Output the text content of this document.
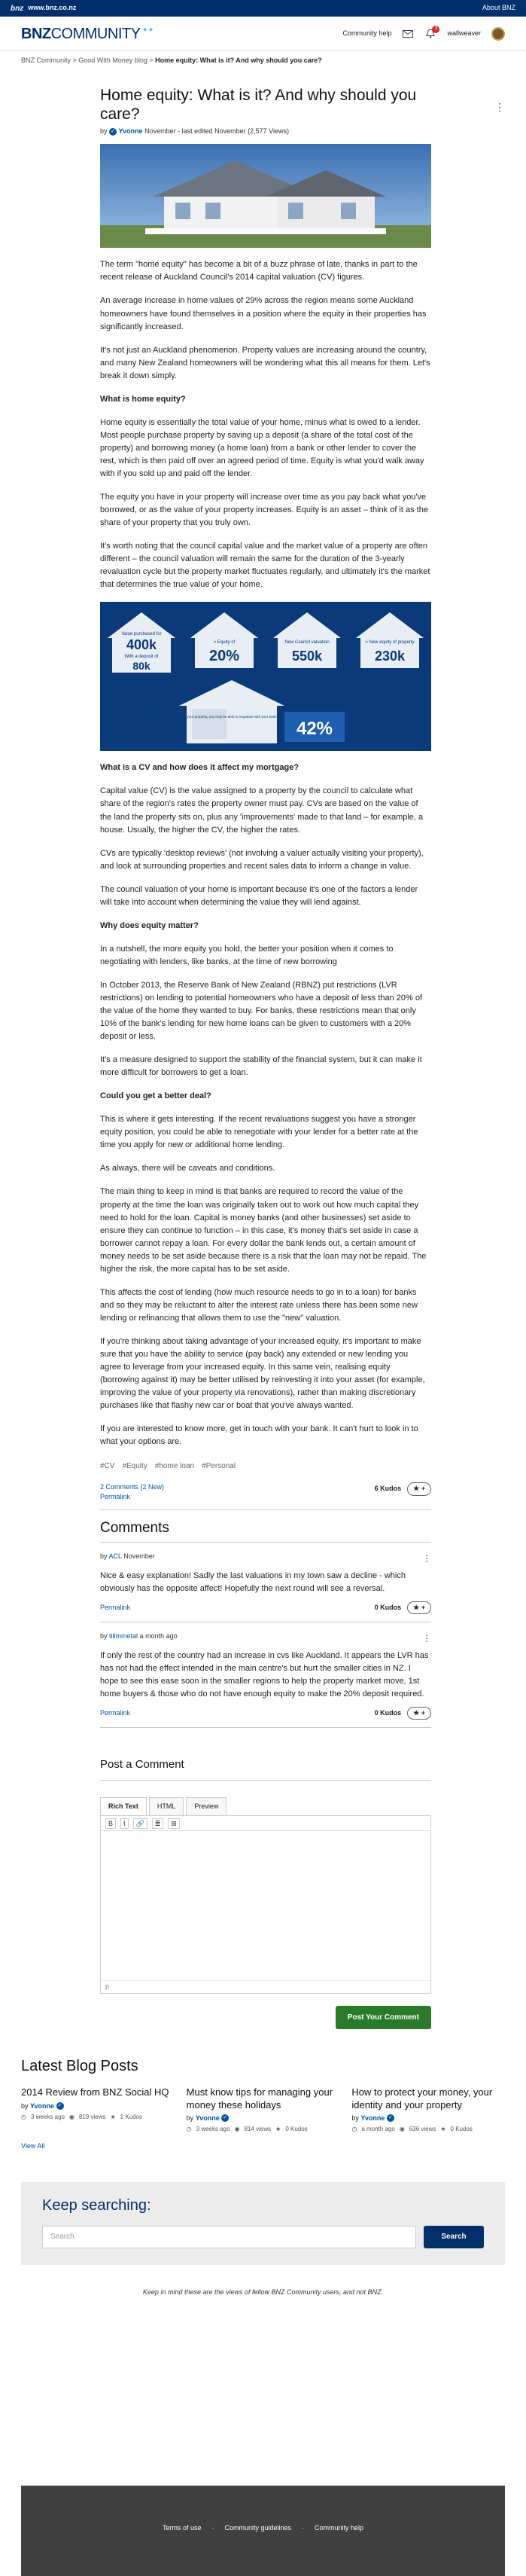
bnz www.bnz.co.nz	About BNZ
BNZ COMMUNITY ✦✦	Community help
3
wallweaver
BNZ Community > Good With Money blog > Home equity: What is it? And why should you care?
⋮
Home equity: What is it? And why should you care?
by ✓ Yvonne November - last edited November (2,577 Views)

The term "home equity" has become a bit of a buzz phrase of late, thanks in part to the recent release of Auckland Council's 2014 capital valuation (CV) figures.

An average increase in home values of 29% across the region means some Auckland homeowners have found themselves in a position where the equity in their properties has significantly increased.

It's not just an Auckland phenomenon. Property values are increasing around the country, and many New Zealand homeowners will be wondering what this all means for them. Let's break it down simply.

What is home equity?

Home equity is essentially the total value of your home, minus what is owed to a lender. Most people purchase property by saving up a deposit (a share of the total cost of the property) and borrowing money (a home loan) from a bank or other lender to cover the rest, which is then paid off over an agreed period of time. Equity is what you'd walk away with if you sold up and paid off the lender.

The equity you have in your property will increase over time as you pay back what you've borrowed, or as the value of your property increases. Equity is an asset – think of it as the share of your property that you truly own.

It's worth noting that the council capital value and the market value of a property are often different – the council valuation will remain the same for the duration of the 3-yearly revaluation cycle but the property market fluctuates regularly, and ultimately it's the market that determines the true value of your home.

Value purchased for
400k
With a deposit of
80k
= Equity of
20%
New Council valuation
550k
= New equity of property
230k
Thanks to increased value of your property, you may be able to negotiate with your bank
42%

What is a CV and how does it affect my mortgage?

Capital value (CV) is the value assigned to a property by the council to calculate what share of the region's rates the property owner must pay. CVs are based on the value of the land the property sits on, plus any 'improvements' made to that land – for example, a house. Usually, the higher the CV, the higher the rates.

CVs are typically 'desktop reviews' (not involving a valuer actually visiting your property), and look at surrounding properties and recent sales data to inform a change in value.

The council valuation of your home is important because it's one of the factors a lender will take into account when determining the value they will lend against.

Why does equity matter?

In a nutshell, the more equity you hold, the better your position when it comes to negotiating with lenders, like banks, at the time of new borrowing

In October 2013, the Reserve Bank of New Zealand (RBNZ) put restrictions (LVR restrictions) on lending to potential homeowners who have a deposit of less than 20% of the value of the home they wanted to buy. For banks, these restrictions mean that only 10% of the bank's lending for new home loans can be given to customers with a 20% deposit or less.

It's a measure designed to support the stability of the financial system, but it can make it more difficult for borrowers to get a loan.

Could you get a better deal?

This is where it gets interesting. If the recent revaluations suggest you have a stronger equity position, you could be able to renegotiate with your lender for a better rate at the time you apply for new or additional home lending.

As always, there will be caveats and conditions.

The main thing to keep in mind is that banks are required to record the value of the property at the time the loan was originally taken out to work out how much capital they need to hold for the loan. Capital is money banks (and other businesses) set aside to ensure they can continue to function – in this case, it's money that's set aside in case a borrower cannot repay a loan. For every dollar the bank lends out, a certain amount of money needs to be set aside because there is a risk that the loan may not be repaid. The higher the risk, the more capital has to be set aside.

This affects the cost of lending (how much resource needs to go in to a loan) for banks and so they may be reluctant to alter the interest rate unless there has been some new lending or refinancing that allows them to use the "new" valuation.

If you're thinking about taking advantage of your increased equity, it's important to make sure that you have the ability to service (pay back) any extended or new lending you agree to leverage from your increased equity. In this same vein, realising equity (borrowing against it) may be better utilised by reinvesting it into your asset (for example, improving the value of your property via renovations), rather than making discretionary purchases like that flashy new car or boat that you've always wanted.

If you are interested to know more, get in touch with your bank. It can't hurt to look in to what your options are.

#CV #Equity #home loan #Personal
2 Comments (2 New)
Permalink
6 Kudos	★ +
Comments
by ACL November	⋮
Nice & easy explanation! Sadly the last valuations in my town saw a decline - which obviously has the opposite affect! Hopefully the next round will see a reversal.
Permalink	0 Kudos	★ +
by tillmmetal a month ago	⋮
If only the rest of the country had an increase in cvs like Auckland. It appears the LVR has has not had the effect intended in the main centre's but hurt the smaller cities in NZ. I hope to see this ease soon in the smaller regions to help the property market move, 1st home buyers & those who do not have enough equity to make the 20% deposit required.
Permalink	0 Kudos	★ +
Post a Comment
Rich Text	HTML	Preview
B	I	🔗	≣	⊞
p
Post Your Comment
Latest Blog Posts
2014 Review from BNZ Social HQ
by Yvonne ✓
◷ 3 weeks ago ◉ 819 views ★ 1 Kudos
Must know tips for managing your money these holidays
by Yvonne ✓
◷ 3 weeks ago ◉ 814 views ★ 0 Kudos
How to protect your money, your identity and your property
by Yvonne ✓
◷ a month ago ◉ 636 views ★ 0 Kudos
View All
Keep searching:
Search	Search
Keep in mind these are the views of fellow BNZ Community users, and not BNZ.
Terms of use · Community guidelines · Community help
